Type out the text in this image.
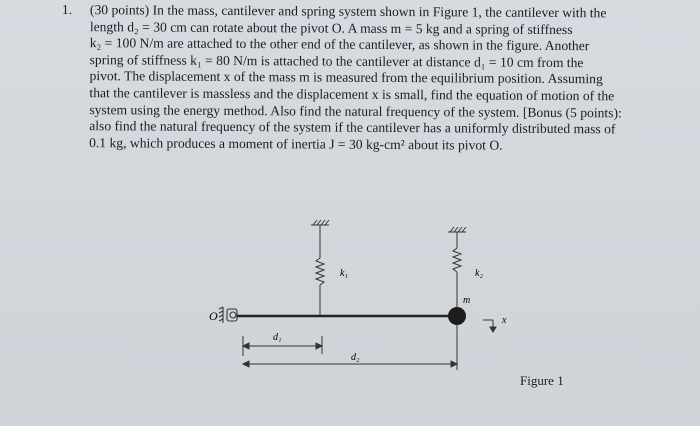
1. (30 points) In the mass, cantilever and spring system shown in Figure 1, the cantilever with the

length d₂ = 30 cm can rotate about the pivot O. A mass m = 5 kg and a spring of stiffness

k₂ = 100 N/m are attached to the other end of the cantilever, as shown in the figure. Another

spring of stiffness k₁ = 80 N/m is attached to the cantilever at distance d₁ = 10 cm from the

pivot. The displacement x of the mass m is measured from the equilibrium position. Assuming

that the cantilever is massless and the displacement x is small, find the equation of motion of the

system using the energy method. Also find the natural frequency of the system. [Bonus (5 points):

also find the natural frequency of the system if the cantilever has a uniformly distributed mass of

0.1 kg, which produces a moment of inertia J = 30 kg-cm² about its pivot O.

O
k₁	k₂
m
x
d₁
d₂
Figure 1
